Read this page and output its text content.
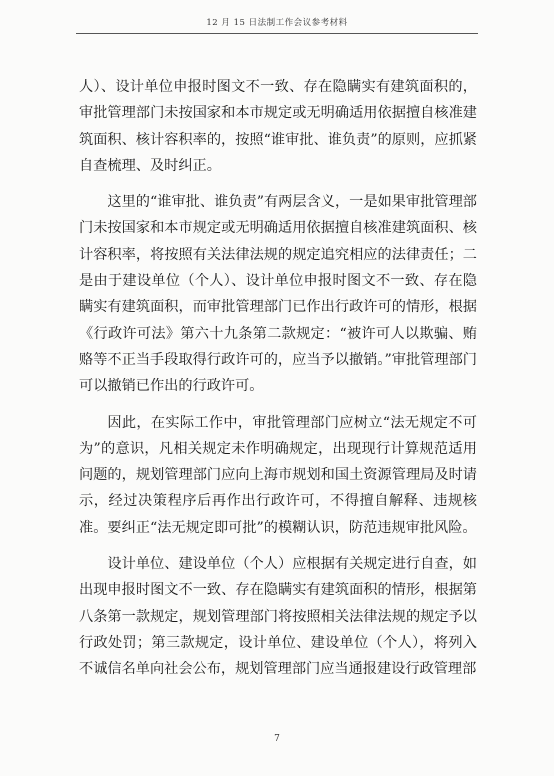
12 月 15 日法制工作会议参考材料

人）、设计单位申报时图文不一致、存在隐瞒实有建筑面积的，审批管理部门未按国家和本市规定或无明确适用依据擅自核准建筑面积、核计容积率的，按照“谁审批、谁负责”的原则，应抓紧自查梳理、及时纠正。

这里的“谁审批、谁负责”有两层含义，一是如果审批管理部门未按国家和本市规定或无明确适用依据擅自核准建筑面积、核计容积率，将按照有关法律法规的规定追究相应的法律责任；二是由于建设单位（个人）、设计单位申报时图文不一致、存在隐瞒实有建筑面积，而审批管理部门已作出行政许可的情形，根据《行政许可法》第六十九条第二款规定：“被许可人以欺骗、贿赂等不正当手段取得行政许可的，应当予以撤销。”审批管理部门可以撤销已作出的行政许可。

因此，在实际工作中，审批管理部门应树立“法无规定不可为”的意识，凡相关规定未作明确规定，出现现行计算规范适用问题的，规划管理部门应向上海市规划和国土资源管理局及时请示，经过决策程序后再作出行政许可，不得擅自解释、违规核准。要纠正“法无规定即可批”的模糊认识，防范违规审批风险。

设计单位、建设单位（个人）应根据有关规定进行自查，如出现申报时图文不一致、存在隐瞒实有建筑面积的情形，根据第八条第一款规定，规划管理部门将按照相关法律法规的规定予以行政处罚；第三款规定，设计单位、建设单位（个人），将列入不诚信名单向社会公布，规划管理部门应当通报建设行政管理部

7
